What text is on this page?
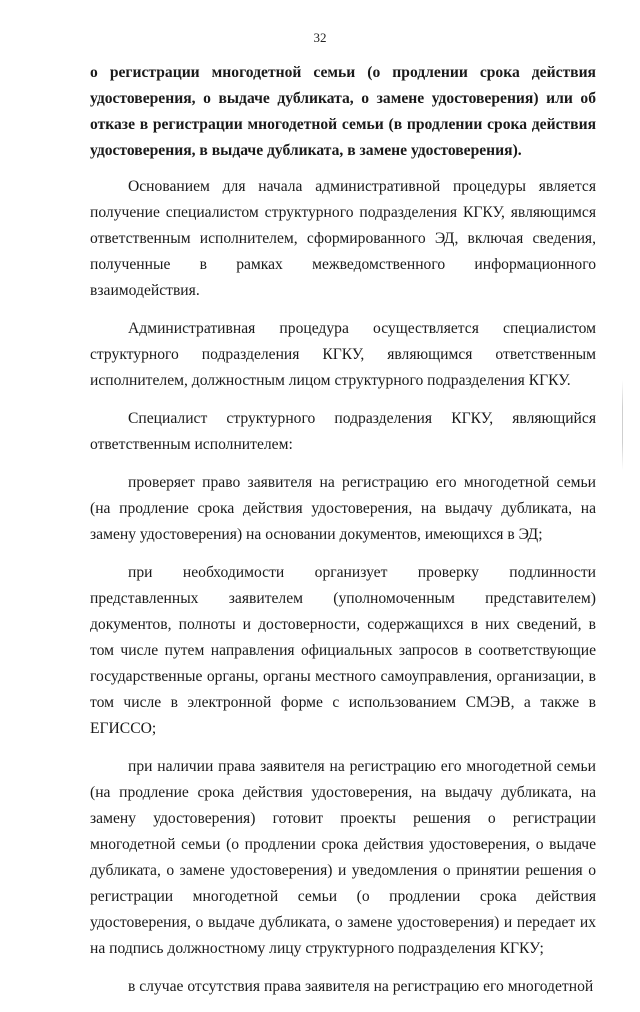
32

о регистрации многодетной семьи (о продлении срока действия удостоверения, о выдаче дубликата, о замене удостоверения) или об отказе в регистрации многодетной семьи (в продлении срока действия удостоверения, в выдаче дубликата, в замене удостоверения).

Основанием для начала административной процедуры является получение специалистом структурного подразделения КГКУ, являющимся ответственным исполнителем, сформированного ЭД, включая сведения, полученные в рамках межведомственного информационного взаимодействия.

Административная процедура осуществляется специалистом структурного подразделения КГКУ, являющимся ответственным исполнителем, должностным лицом структурного подразделения КГКУ.

Специалист структурного подразделения КГКУ, являющийся ответственным исполнителем:

проверяет право заявителя на регистрацию его многодетной семьи (на продление срока действия удостоверения, на выдачу дубликата, на замену удостоверения) на основании документов, имеющихся в ЭД;

при необходимости организует проверку подлинности представленных заявителем (уполномоченным представителем) документов, полноты и достоверности, содержащихся в них сведений, в том числе путем направления официальных запросов в соответствующие государственные органы, органы местного самоуправления, организации, в том числе в электронной форме с использованием СМЭВ, а также в ЕГИССО;

при наличии права заявителя на регистрацию его многодетной семьи (на продление срока действия удостоверения, на выдачу дубликата, на замену удостоверения) готовит проекты решения о регистрации многодетной семьи (о продлении срока действия удостоверения, о выдаче дубликата, о замене удостоверения) и уведомления о принятии решения о регистрации многодетной семьи (о продлении срока действия удостоверения, о выдаче дубликата, о замене удостоверения) и передает их на подпись должностному лицу структурного подразделения КГКУ;

в случае отсутствия права заявителя на регистрацию его многодетной
